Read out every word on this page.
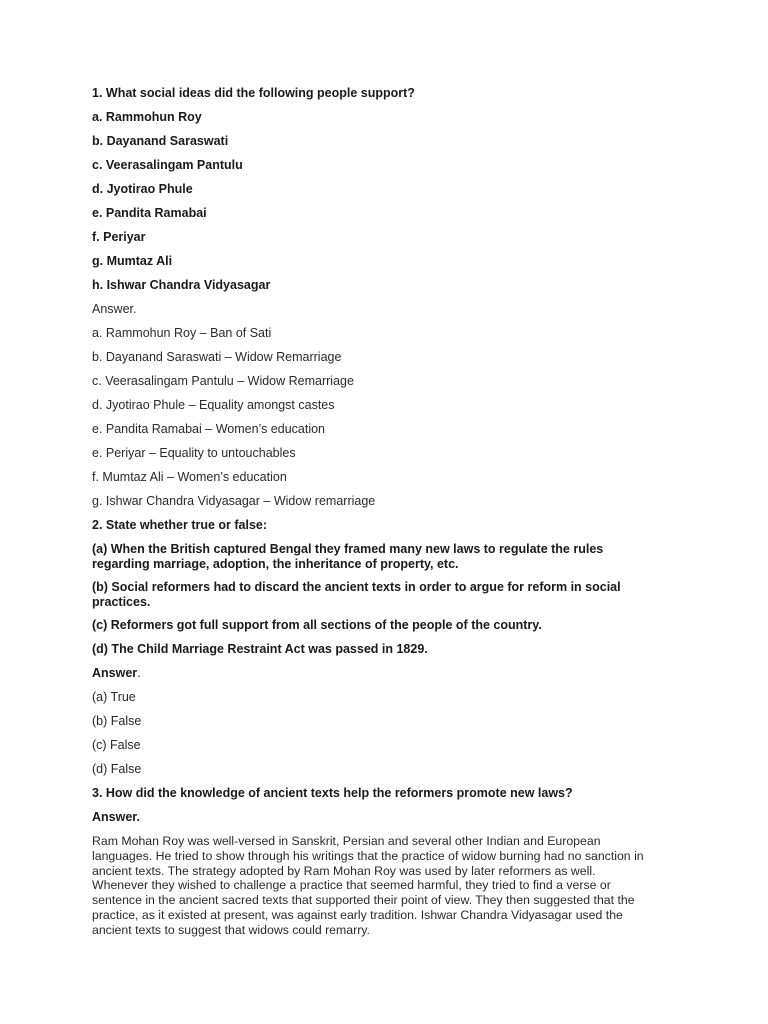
1. What social ideas did the following people support?
a. Rammohun Roy
b. Dayanand Saraswati
c. Veerasalingam Pantulu
d. Jyotirao Phule
e. Pandita Ramabai
f. Periyar
g. Mumtaz Ali
h. Ishwar Chandra Vidyasagar
Answer.
a. Rammohun Roy – Ban of Sati
b. Dayanand Saraswati – Widow Remarriage
c. Veerasalingam Pantulu – Widow Remarriage
d. Jyotirao Phule – Equality amongst castes
e. Pandita Ramabai – Women’s education
e. Periyar – Equality to untouchables
f. Mumtaz Ali – Women’s education
g. Ishwar Chandra Vidyasagar – Widow remarriage
2. State whether true or false:
(a) When the British captured Bengal they framed many new laws to regulate the rules regarding marriage, adoption, the inheritance of property, etc.
(b) Social reformers had to discard the ancient texts in order to argue for reform in social practices.
(c) Reformers got full support from all sections of the people of the country.
(d) The Child Marriage Restraint Act was passed in 1829.
Answer.
(a) True
(b) False
(c) False
(d) False
3. How did the knowledge of ancient texts help the reformers promote new laws?
Answer.

Ram Mohan Roy was well-versed in Sanskrit, Persian and several other Indian and European languages. He tried to show through his writings that the practice of widow burning had no sanction in ancient texts. The strategy adopted by Ram Mohan Roy was used by later reformers as well. Whenever they wished to challenge a practice that seemed harmful, they tried to find a verse or sentence in the ancient sacred texts that supported their point of view. They then suggested that the practice, as it existed at present, was against early tradition. Ishwar Chandra Vidyasagar used the ancient texts to suggest that widows could remarry.
